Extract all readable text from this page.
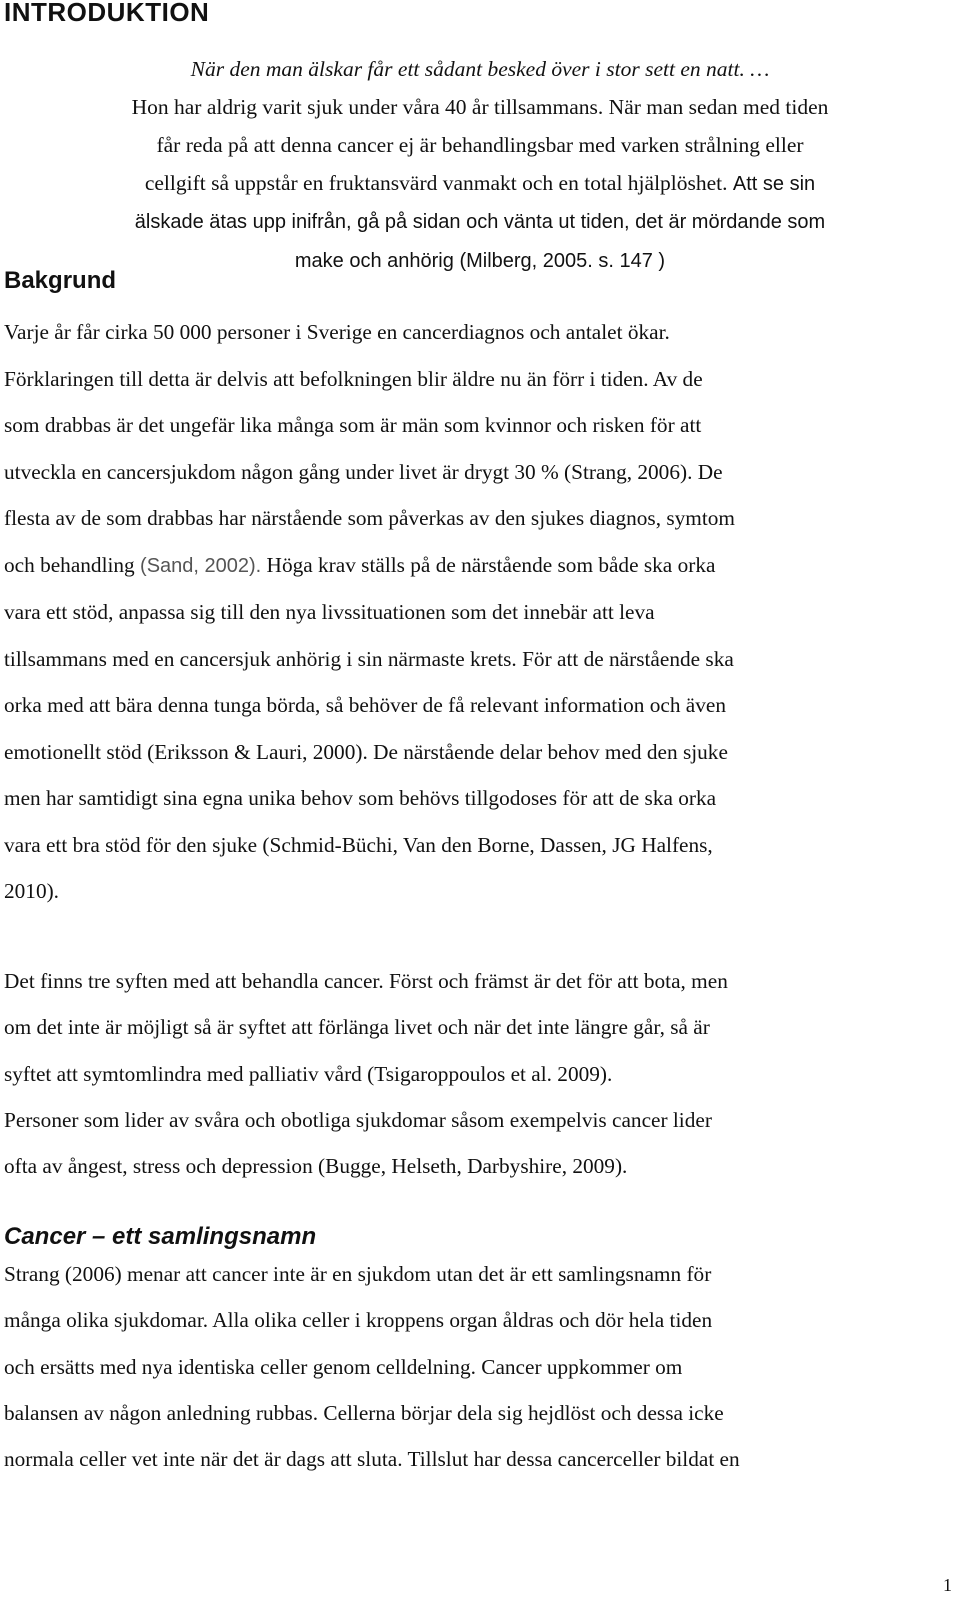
INTRODUKTION
När den man älskar får ett sådant besked över i stor sett en natt. …
Hon har aldrig varit sjuk under våra 40 år tillsammans. När man sedan med tiden
får reda på att denna cancer ej är behandlingsbar med varken strålning eller
cellgift så uppstår en fruktansvärd vanmakt och en total hjälplöshet. Att se sin
älskade ätas upp inifrån, gå på sidan och vänta ut tiden, det är mördande som
make och anhörig (Milberg, 2005. s. 147 )
Bakgrund
Varje år får cirka 50 000 personer i Sverige en cancerdiagnos och antalet ökar.
Förklaringen till detta är delvis att befolkningen blir äldre nu än förr i tiden. Av de
som drabbas är det ungefär lika många som är män som kvinnor och risken för att
utveckla en cancersjukdom någon gång under livet är drygt 30 % (Strang, 2006). De
flesta av de som drabbas har närstående som påverkas av den sjukes diagnos, symtom
och behandling (Sand, 2002). Höga krav ställs på de närstående som både ska orka
vara ett stöd, anpassa sig till den nya livssituationen som det innebär att leva
tillsammans med en cancersjuk anhörig i sin närmaste krets. För att de närstående ska
orka med att bära denna tunga börda, så behöver de få relevant information och även
emotionellt stöd (Eriksson & Lauri, 2000). De närstående delar behov med den sjuke
men har samtidigt sina egna unika behov som behövs tillgodoses för att de ska orka
vara ett bra stöd för den sjuke (Schmid-Büchi, Van den Borne, Dassen, JG Halfens,
2010).
Det finns tre syften med att behandla cancer. Först och främst är det för att bota, men
om det inte är möjligt så är syftet att förlänga livet och när det inte längre går, så är
syftet att symtomlindra med palliativ vård (Tsigaroppoulos et al. 2009).
Personer som lider av svåra och obotliga sjukdomar såsom exempelvis cancer lider
ofta av ångest, stress och depression (Bugge, Helseth, Darbyshire, 2009).
Cancer – ett samlingsnamn
Strang (2006) menar att cancer inte är en sjukdom utan det är ett samlingsnamn för
många olika sjukdomar. Alla olika celler i kroppens organ åldras och dör hela tiden
och ersätts med nya identiska celler genom celldelning. Cancer uppkommer om
balansen av någon anledning rubbas. Cellerna börjar dela sig hejdlöst och dessa icke
normala celler vet inte när det är dags att sluta. Tillslut har dessa cancerceller bildat en
1
